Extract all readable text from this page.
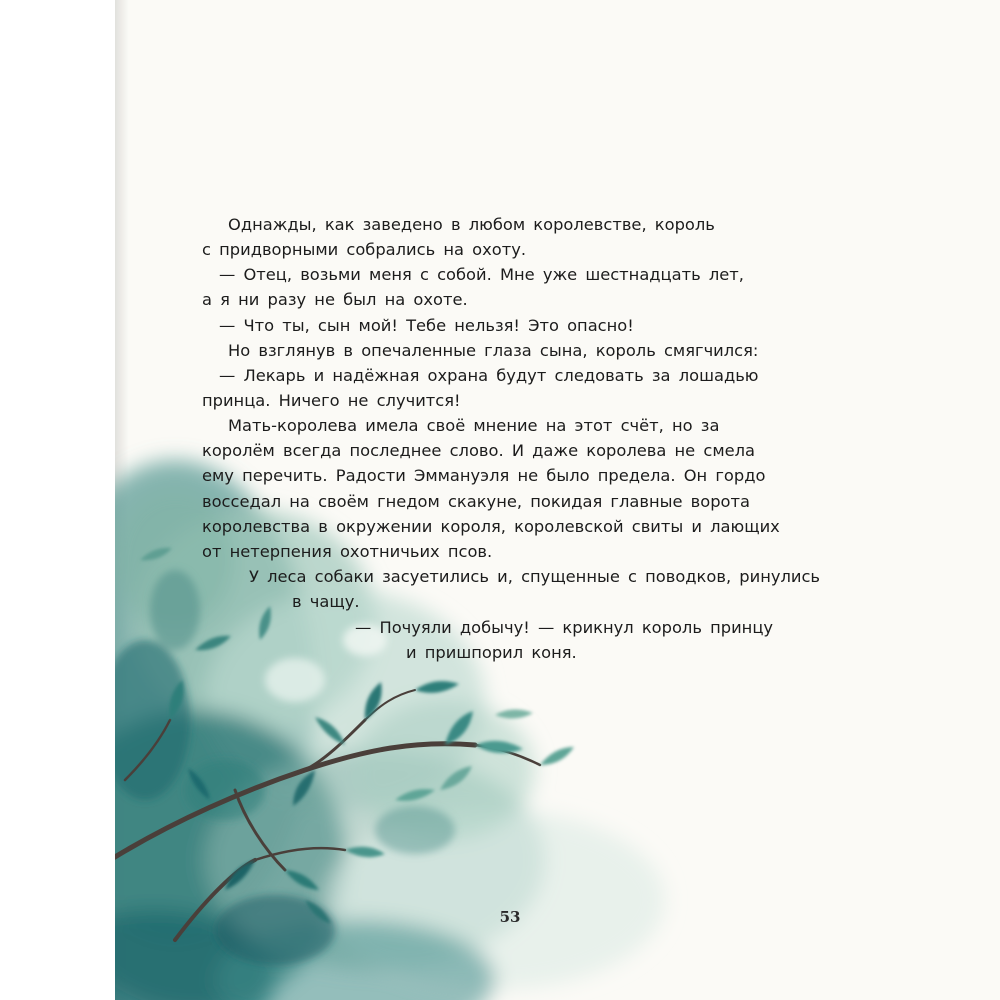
Однажды, как заведено в любом королевстве, король
с придворными собрались на охоту.
— Отец, возьми меня с собой. Мне уже шестнадцать лет,
а я ни разу не был на охоте.
— Что ты, сын мой! Тебе нельзя! Это опасно!
Но взглянув в опечаленные глаза сына, король смягчился:
— Лекарь и надёжная охрана будут следовать за лошадью
принца. Ничего не случится!
Мать-королева имела своё мнение на этот счёт, но за
королём всегда последнее слово. И даже королева не смела
ему перечить. Радости Эммануэля не было предела. Он гордо
восседал на своём гнедом скакуне, покидая главные ворота
королевства в окружении короля, королевской свиты и лающих
от нетерпения охотничьих псов.
У леса собаки засуетились и, спущенные с поводков, ринулись
в чащу.
— Почуяли добычу! — крикнул король принцу
и пришпорил коня.
53
